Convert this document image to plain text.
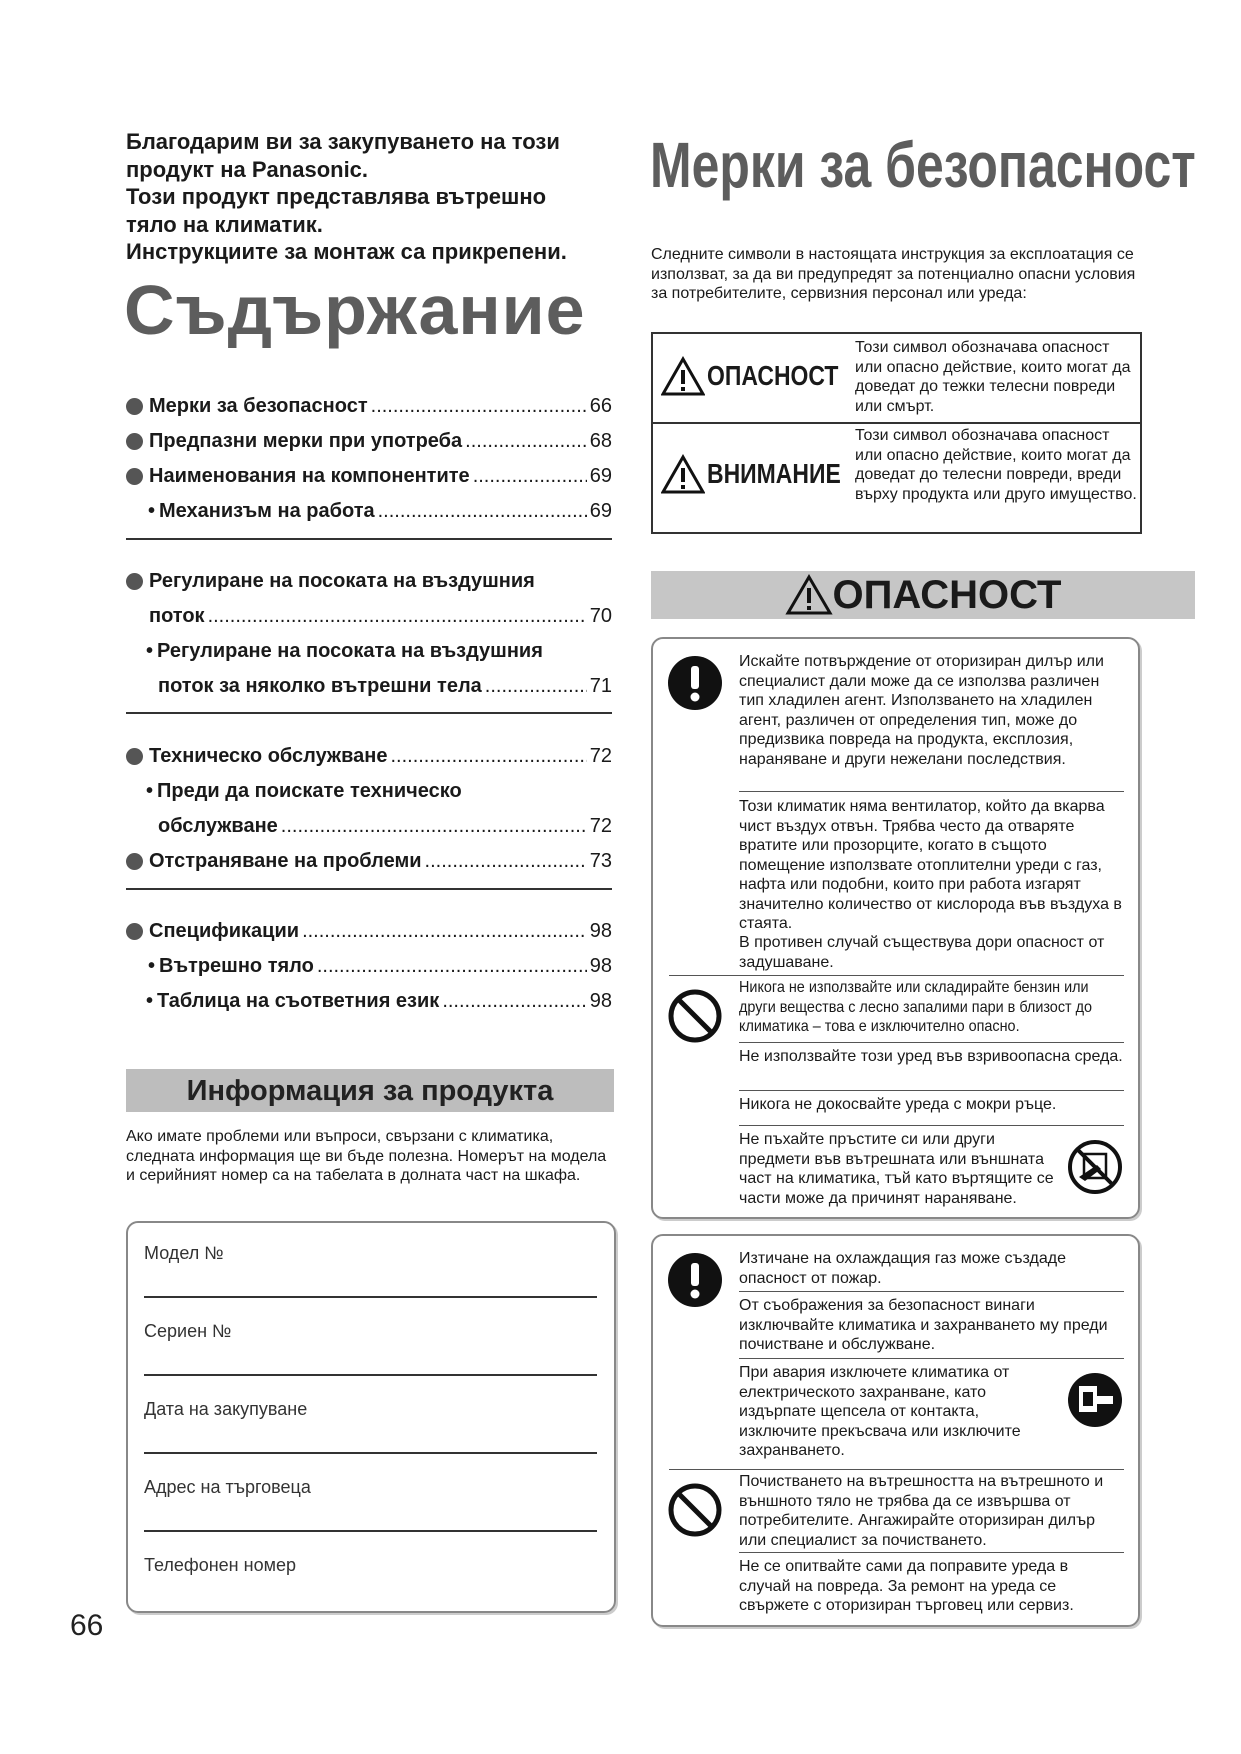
Благодарим ви за закупуването на този
продукт на Panasonic.
Този продукт представлява вътрешно
тяло на климатик.
Инструкциите за монтаж са прикрепени.
Съдържание
Мерки за безопасност .....	66
Предпазни мерки при употреба .....	68
Наименования на компонентите .....	69
• Механизъм на работа .....	69
Регулиране на посоката на въздушния
поток .....	70
• Регулиране на посоката на въздушния
поток за няколко вътрешни тела .....	71
Техническо обслужване .....	72
• Преди да поискате техническо
обслужване .....	72
Отстраняване на проблеми .....	73
Спецификации .....	98
• Вътрешно тяло .....	98
• Таблица на съответния език .....	98
Информация за продукта
Ако имате проблеми или въпроси, свързани с климатика, следната информация ще ви бъде полезна. Номерът на модела и серийният номер са на табелата в долната част на шкафа.
Модел №
Сериен №
Дата на закупуване
Адрес на търговеца
Телефонен номер
66
Мерки за безопасност
Следните символи в настоящата инструкция за експлоатация се използват, за да ви предупредят за потенциално опасни условия за потребителите, сервизния персонал или уреда:
ОПАСНОСТ
Този символ обозначава опасност или опасно действие, които могат да доведат до тежки телесни повреди или смърт.
ВНИМАНИЕ
Този символ обозначава опасност или опасно действие, които могат да доведат до телесни повреди, вреди върху продукта или друго имущество.
ОПАСНОСТ
Искайте потвърждение от оторизиран дилър или специалист дали може да се използва различен тип хладилен агент. Използването на хладилен агент, различен от определения тип, може до предизвика повреда на продукта, експлозия, нараняване и други нежелани последствия.
Този климатик няма вентилатор, който да вкарва чист въздух отвън. Трябва често да отваряте вратите или прозорците, когато в същото помещение използвате отоплителни уреди с газ, нафта или подобни, които при работа изгарят значително количество от кислорода във въздуха в стаята.
В противен случай съществува дори опасност от задушаване.
Никога не използвайте или складирайте бензин или други вещества с лесно запалими пари в близост до климатика – това е изключително опасно.
Не използвайте този уред във взривоопасна среда.
Никога не докосвайте уреда с мокри ръце.
Не пъхайте пръстите си или други предмети във вътрешната или външната част на климатика, тъй като въртящите се части може да причинят нараняване.
Изтичане на охлаждащия газ може създаде опасност от пожар.
От съображения за безопасност винаги изключвайте климатика и захранването му преди почистване и обслужване.
При авария изключете климатика от електрическото захранване, като издърпате щепсела от контакта, изключите прекъсвача или изключите захранването.
Почистването на вътрешността на вътрешното и външното тяло не трябва да се извършва от потребителите. Ангажирайте оторизиран дилър или специалист за почистването.
Не се опитвайте сами да поправите уреда в случай на повреда. За ремонт на уреда се свържете с оторизиран търговец или сервиз.
